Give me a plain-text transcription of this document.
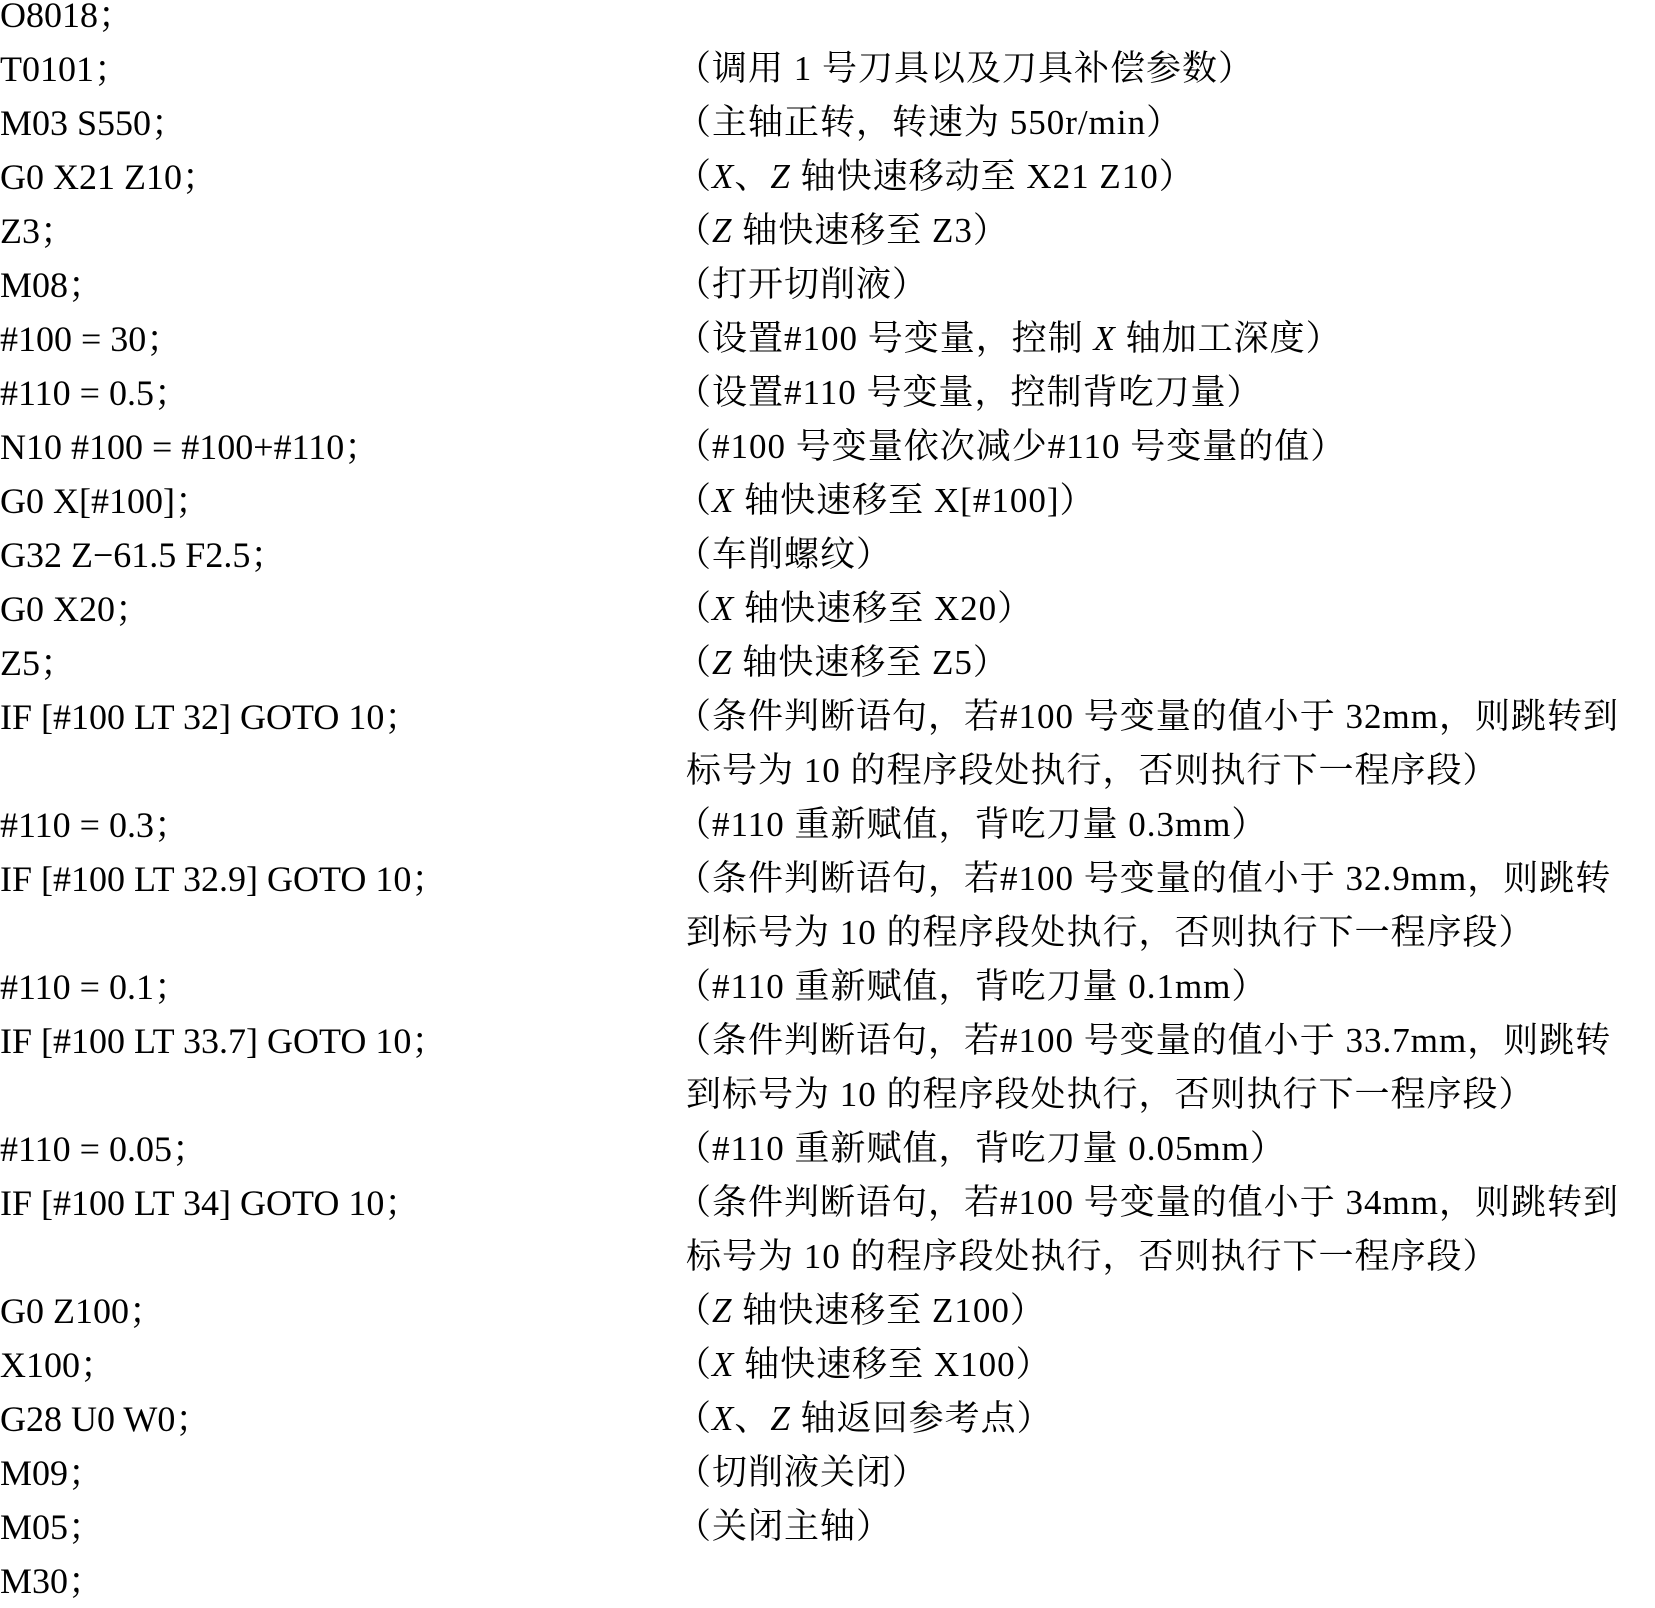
O8018；
T0101；	（调用 1 号刀具以及刀具补偿参数）
M03 S550；	（主轴正转，转速为 550r/min）
G0 X21 Z10；	（X、Z 轴快速移动至 X21 Z10）
Z3；	（Z 轴快速移至 Z3）
M08；	（打开切削液）
#100 = 30；	（设置#100 号变量，控制 X 轴加工深度）
#110 = 0.5；	（设置#110 号变量，控制背吃刀量）
N10 #100 = #100+#110；	（#100 号变量依次减少#110 号变量的值）
G0 X[#100]；	（X 轴快速移至 X[#100]）
G32 Z−61.5 F2.5；	（车削螺纹）
G0 X20；	（X 轴快速移至 X20）
Z5；	（Z 轴快速移至 Z5）
IF [#100 LT 32] GOTO 10；	（条件判断语句，若#100 号变量的值小于 32mm，则跳转到
标号为 10 的程序段处执行，否则执行下一程序段）
#110 = 0.3；	（#110 重新赋值，背吃刀量 0.3mm）
IF [#100 LT 32.9] GOTO 10；	（条件判断语句，若#100 号变量的值小于 32.9mm，则跳转
到标号为 10 的程序段处执行，否则执行下一程序段）
#110 = 0.1；	（#110 重新赋值，背吃刀量 0.1mm）
IF [#100 LT 33.7] GOTO 10；	（条件判断语句，若#100 号变量的值小于 33.7mm，则跳转
到标号为 10 的程序段处执行，否则执行下一程序段）
#110 = 0.05；	（#110 重新赋值，背吃刀量 0.05mm）
IF [#100 LT 34] GOTO 10；	（条件判断语句，若#100 号变量的值小于 34mm，则跳转到
标号为 10 的程序段处执行，否则执行下一程序段）
G0 Z100；	（Z 轴快速移至 Z100）
X100；	（X 轴快速移至 X100）
G28 U0 W0；	（X、Z 轴返回参考点）
M09；	（切削液关闭）
M05；	（关闭主轴）
M30；
